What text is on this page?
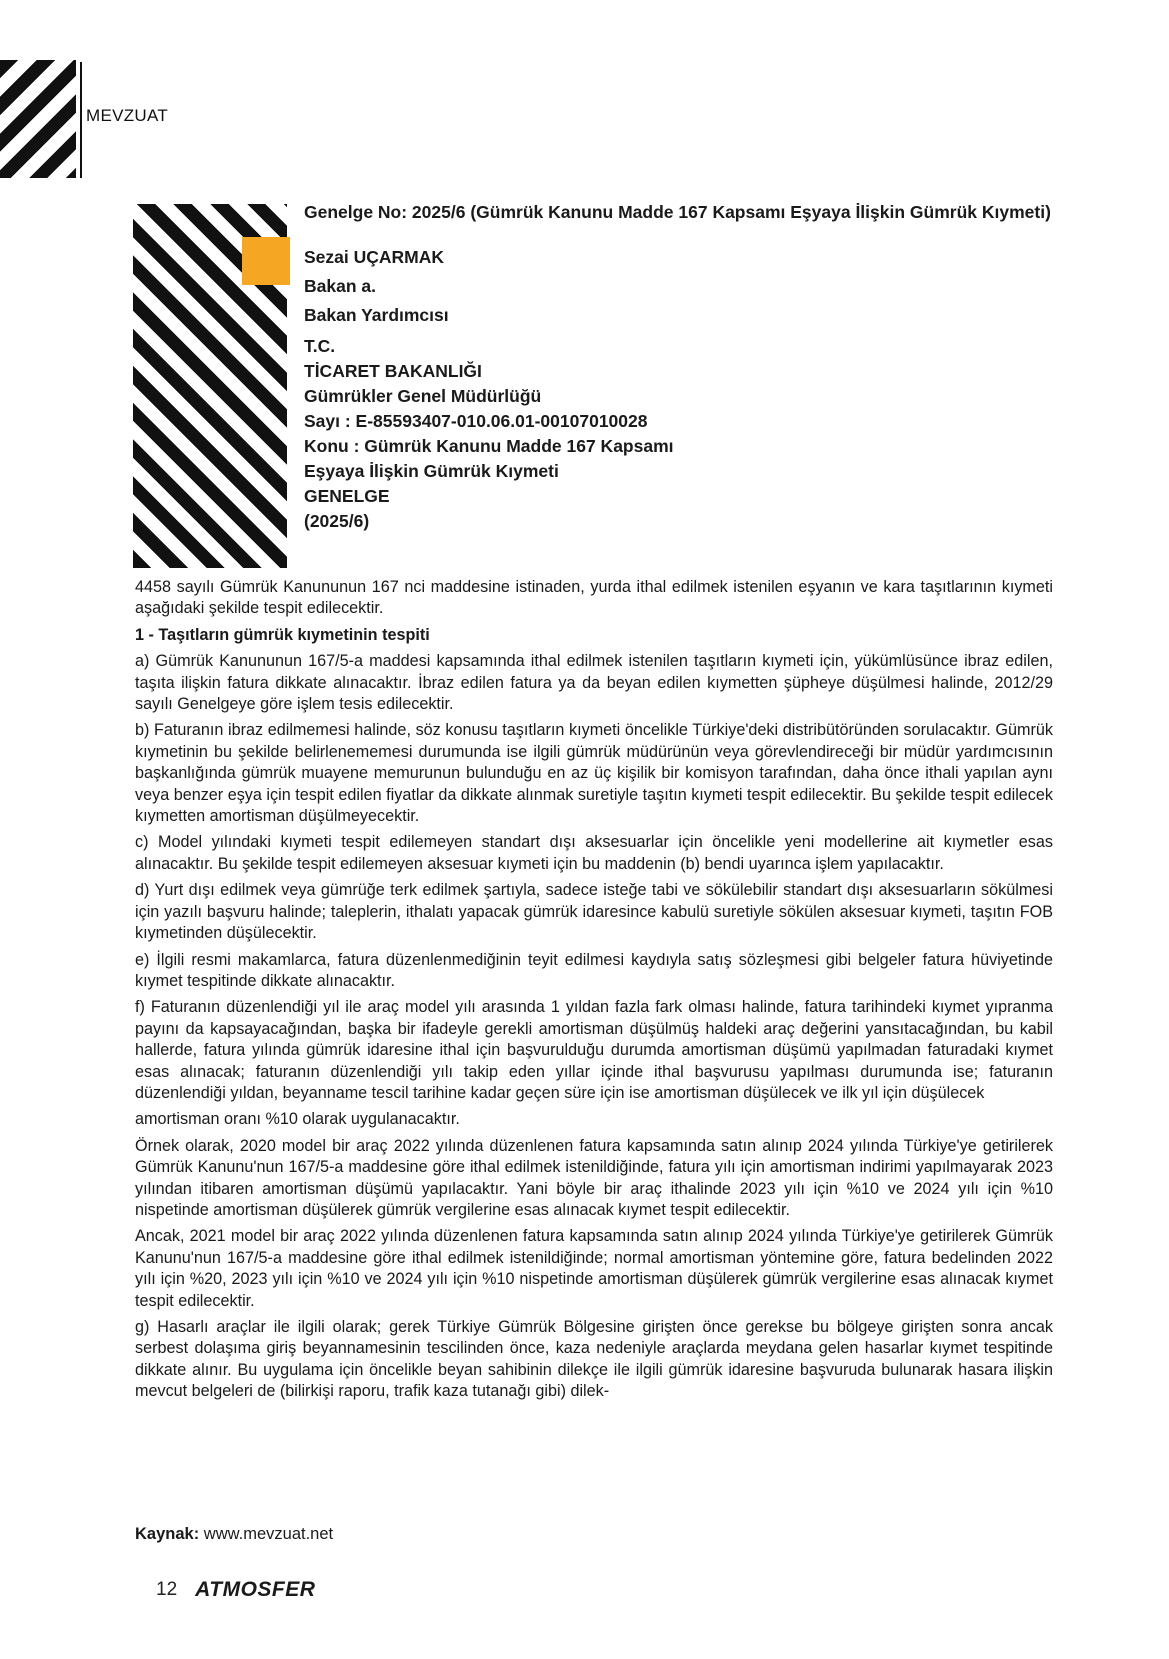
MEVZUAT
Genelge No: 2025/6 (Gümrük Kanunu Madde 167 Kapsamı Eşyaya İlişkin Gümrük Kıymeti)
Sezai UÇARMAK
Bakan a.
Bakan Yardımcısı
T.C.
TİCARET BAKANLIĞI
Gümrükler Genel Müdürlüğü
Sayı : E-85593407-010.06.01-00107010028
Konu : Gümrük Kanunu Madde 167 Kapsamı
Eşyaya İlişkin Gümrük Kıymeti
GENELGE
(2025/6)

4458 sayılı Gümrük Kanununun 167 nci maddesine istinaden, yurda ithal edilmek istenilen eşyanın ve kara taşıtlarının kıymeti aşağıdaki şekilde tespit edilecektir.

1 - Taşıtların gümrük kıymetinin tespiti

a) Gümrük Kanununun 167/5-a maddesi kapsamında ithal edilmek istenilen taşıtların kıymeti için, yükümlüsünce ibraz edilen, taşıta ilişkin fatura dikkate alınacaktır. İbraz edilen fatura ya da beyan edilen kıymetten şüpheye düşülmesi halinde, 2012/29 sayılı Genelgeye göre işlem tesis edilecektir.

b) Faturanın ibraz edilmemesi halinde, söz konusu taşıtların kıymeti öncelikle Türkiye'deki distribütöründen sorulacaktır. Gümrük kıymetinin bu şekilde belirlenememesi durumunda ise ilgili gümrük müdürünün veya görevlendireceği bir müdür yardımcısının başkanlığında gümrük muayene memurunun bulunduğu en az üç kişilik bir komisyon tarafından, daha önce ithali yapılan aynı veya benzer eşya için tespit edilen fiyatlar da dikkate alınmak suretiyle taşıtın kıymeti tespit edilecektir. Bu şekilde tespit edilecek kıymetten amortisman düşülmeyecektir.

c) Model yılındaki kıymeti tespit edilemeyen standart dışı aksesuarlar için öncelikle yeni modellerine ait kıymetler esas alınacaktır. Bu şekilde tespit edilemeyen aksesuar kıymeti için bu maddenin (b) bendi uyarınca işlem yapılacaktır.

d) Yurt dışı edilmek veya gümrüğe terk edilmek şartıyla, sadece isteğe tabi ve sökülebilir standart dışı aksesuarların sökülmesi için yazılı başvuru halinde; taleplerin, ithalatı yapacak gümrük idaresince kabulü suretiyle sökülen aksesuar kıymeti, taşıtın FOB kıymetinden düşülecektir.

e) İlgili resmi makamlarca, fatura düzenlenmediğinin teyit edilmesi kaydıyla satış sözleşmesi gibi belgeler fatura hüviyetinde kıymet tespitinde dikkate alınacaktır.

f) Faturanın düzenlendiği yıl ile araç model yılı arasında 1 yıldan fazla fark olması halinde, fatura tarihindeki kıymet yıpranma payını da kapsayacağından, başka bir ifadeyle gerekli amortisman düşülmüş haldeki araç değerini yansıtacağından, bu kabil hallerde, fatura yılında gümrük idaresine ithal için başvurulduğu durumda amortisman düşümü yapılmadan faturadaki kıymet esas alınacak; faturanın düzenlendiği yılı takip eden yıllar içinde ithal başvurusu yapılması durumunda ise; faturanın düzenlendiği yıldan, beyanname tescil tarihine kadar geçen süre için ise amortisman düşülecek ve ilk yıl için düşülecek

amortisman oranı %10 olarak uygulanacaktır.

Örnek olarak, 2020 model bir araç 2022 yılında düzenlenen fatura kapsamında satın alınıp 2024 yılında Türkiye'ye getirilerek Gümrük Kanunu'nun 167/5-a maddesine göre ithal edilmek istenildiğinde, fatura yılı için amortisman indirimi yapılmayarak 2023 yılından itibaren amortisman düşümü yapılacaktır. Yani böyle bir araç ithalinde 2023 yılı için %10 ve 2024 yılı için %10 nispetinde amortisman düşülerek gümrük vergilerine esas alınacak kıymet tespit edilecektir.

Ancak, 2021 model bir araç 2022 yılında düzenlenen fatura kapsamında satın alınıp 2024 yılında Türkiye'ye getirilerek Gümrük Kanunu'nun 167/5-a maddesine göre ithal edilmek istenildiğinde; normal amortisman yöntemine göre, fatura bedelinden 2022 yılı için %20, 2023 yılı için %10 ve 2024 yılı için %10 nispetinde amortisman düşülerek gümrük vergilerine esas alınacak kıymet tespit edilecektir.

g) Hasarlı araçlar ile ilgili olarak; gerek Türkiye Gümrük Bölgesine girişten önce gerekse bu bölgeye girişten sonra ancak serbest dolaşıma giriş beyannamesinin tescilinden önce, kaza nedeniyle araçlarda meydana gelen hasarlar kıymet tespitinde dikkate alınır. Bu uygulama için öncelikle beyan sahibinin dilekçe ile ilgili gümrük idaresine başvuruda bulunarak hasara ilişkin mevcut belgeleri de (bilirkişi raporu, trafik kaza tutanağı gibi) dilek-

Kaynak: www.mevzuat.net
12 ATMOSFER
